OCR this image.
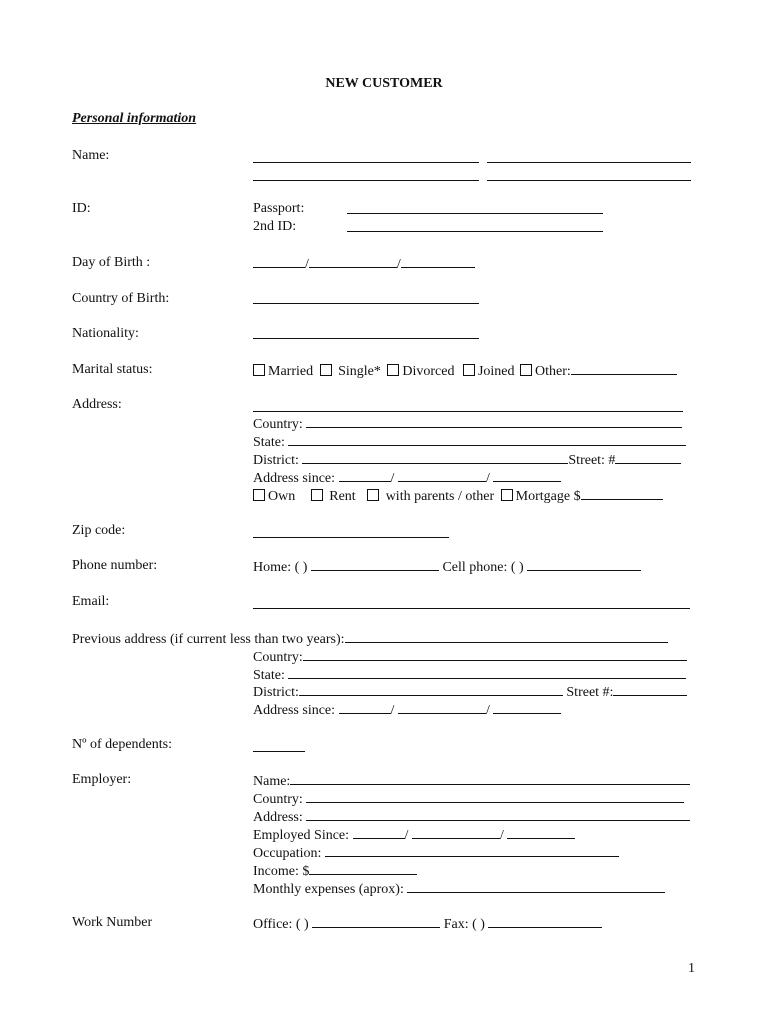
NEW CUSTOMER
Personal information
Name:

ID:	Passport:
2nd ID:
Day of Birth :	/	/
Country of Birth:
Nationality:
Marital status:	Married  Single* Divorced Joined Other:
Address:
Country:
State:
District:	Street: #
Address since:	/	/
Own  Rent  with parents / other Mortgage $
Zip code:
Phone number:	Home: ( )	Cell phone: ( )
Email:
Previous address (if current less than two years):
Country:
State:
District:	Street #:
Address since:	/	/
Nº of dependents:
Employer:	Name:
Country:
Address:
Employed Since:	/	/
Occupation:
Income: $
Monthly expenses (aprox):
Work Number	Office: ( )	Fax: ( )
1
